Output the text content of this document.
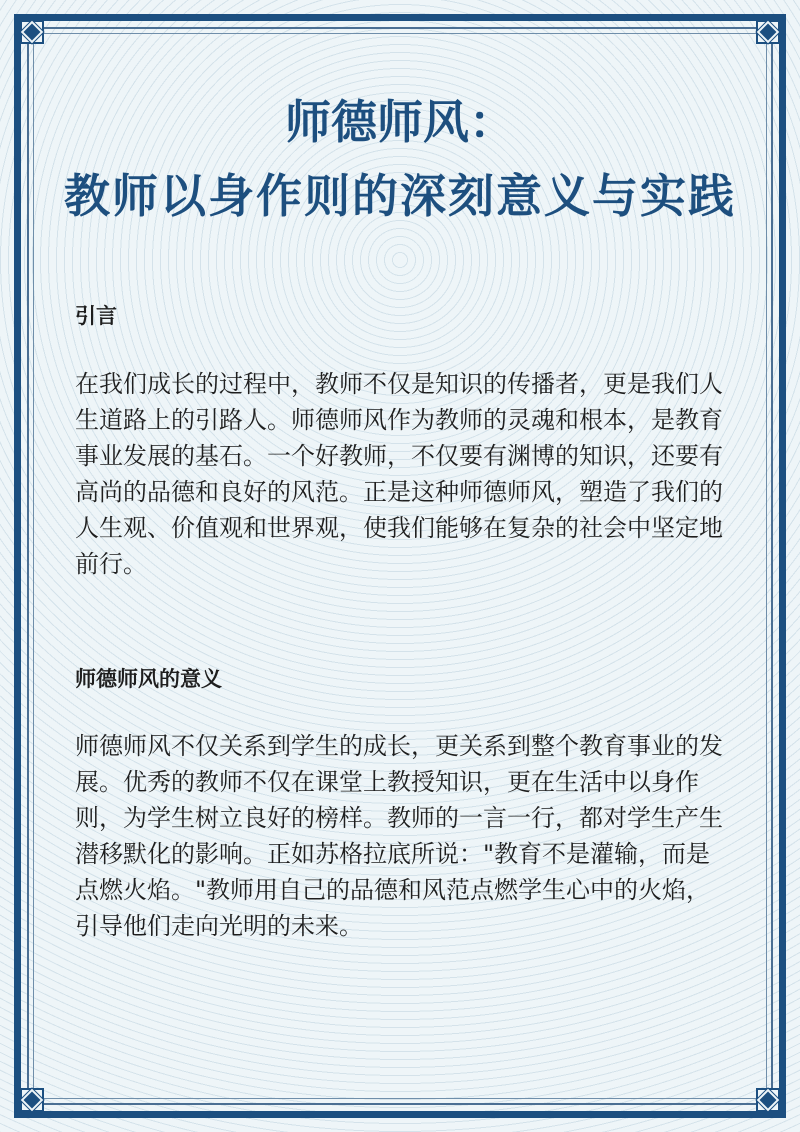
师德师风：
教师以身作则的深刻意义与实践
引言
在我们成长的过程中，教师不仅是知识的传播者，更是我们人
生道路上的引路人。师德师风作为教师的灵魂和根本，是教育
事业发展的基石。一个好教师，不仅要有渊博的知识，还要有
高尚的品德和良好的风范。正是这种师德师风，塑造了我们的
人生观、价值观和世界观，使我们能够在复杂的社会中坚定地
前行。
师德师风的意义
师德师风不仅关系到学生的成长，更关系到整个教育事业的发
展。优秀的教师不仅在课堂上教授知识，更在生活中以身作
则，为学生树立良好的榜样。教师的一言一行，都对学生产生
潜移默化的影响。正如苏格拉底所说："教育不是灌输，而是
点燃火焰。"教师用自己的品德和风范点燃学生心中的火焰，
引导他们走向光明的未来。
